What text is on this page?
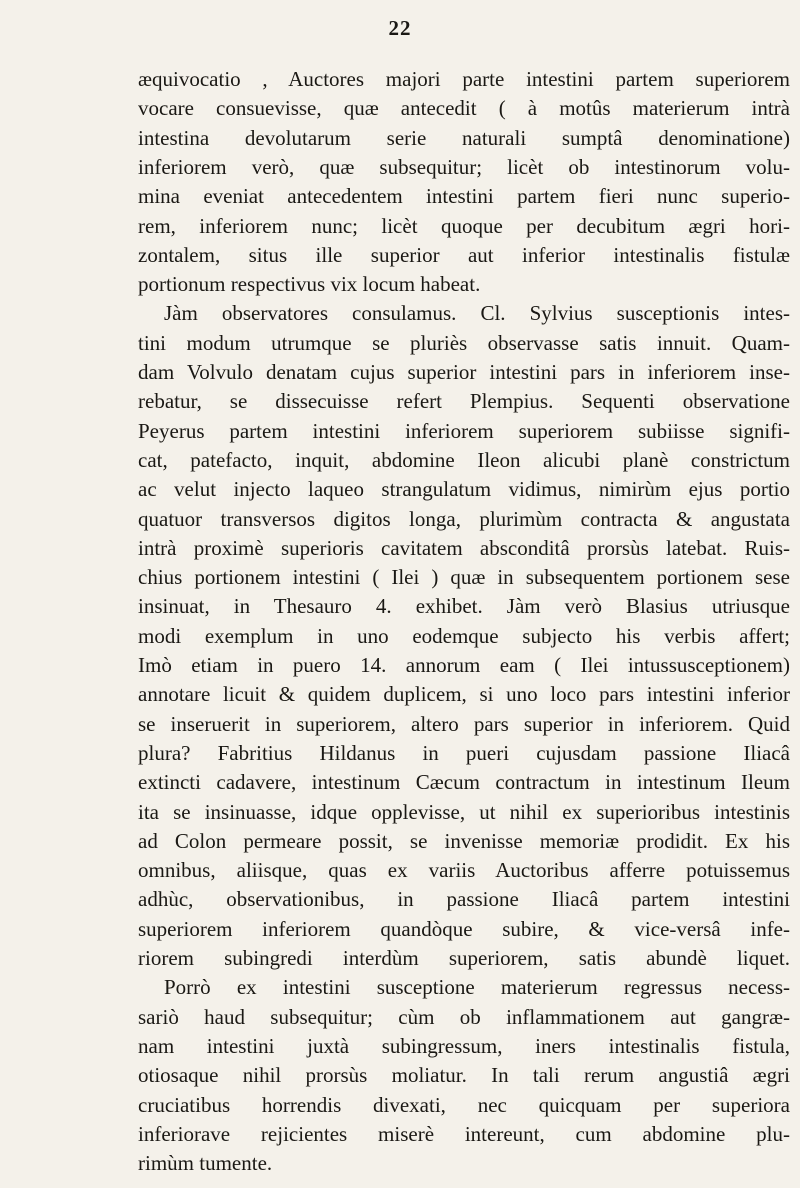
22
æquivocatio , Auctores majori parte intestini partem superiorem
vocare consuevisse, quæ antecedit ( à motûs materierum intrà
intestina devolutarum serie naturali sumptâ denominatione)
inferiorem verò, quæ subsequitur; licèt ob intestinorum volu-
mina eveniat antecedentem intestini partem fieri nunc superio-
rem, inferiorem nunc; licèt quoque per decubitum ægri hori-
zontalem, situs ille superior aut inferior intestinalis fistulæ
portionum respectivus vix locum habeat.
Jàm observatores consulamus. Cl. Sylvius susceptionis intes-
tini modum utrumque se pluriès observasse satis innuit. Quam-
dam Volvulo denatam cujus superior intestini pars in inferiorem inse-
rebatur, se dissecuisse refert Plempius. Sequenti observatione
Peyerus partem intestini inferiorem superiorem subiisse signifi-
cat, patefacto, inquit, abdomine Ileon alicubi planè constrictum
ac velut injecto laqueo strangulatum vidimus, nimirùm ejus portio
quatuor transversos digitos longa, plurimùm contracta & angustata
intrà proximè superioris cavitatem absconditâ prorsùs latebat. Ruis-
chius portionem intestini ( Ilei ) quæ in subsequentem portionem sese
insinuat, in Thesauro 4. exhibet. Jàm verò Blasius utriusque
modi exemplum in uno eodemque subjecto his verbis affert;
Imò etiam in puero 14. annorum eam ( Ilei intussusceptionem)
annotare licuit & quidem duplicem, si uno loco pars intestini inferior
se inseruerit in superiorem, altero pars superior in inferiorem. Quid
plura? Fabritius Hildanus in pueri cujusdam passione Iliacâ
extincti cadavere, intestinum Cæcum contractum in intestinum Ileum
ita se insinuasse, idque opplevisse, ut nihil ex superioribus intestinis
ad Colon permeare possit, se invenisse memoriæ prodidit. Ex his
omnibus, aliisque, quas ex variis Auctoribus afferre potuissemus
adhùc, observationibus, in passione Iliacâ partem intestini
superiorem inferiorem quandòque subire, & vice-versâ infe-
riorem subingredi interdùm superiorem, satis abundè liquet.
Porrò ex intestini susceptione materierum regressus necess-
sariò haud subsequitur; cùm ob inflammationem aut gangræ-
nam intestini juxtà subingressum, iners intestinalis fistula,
otiosaque nihil prorsùs moliatur. In tali rerum angustiâ ægri
cruciatibus horrendis divexati, nec quicquam per superiora
inferiorave rejicientes miserè intereunt, cum abdomine plu-
rimùm tumente.
